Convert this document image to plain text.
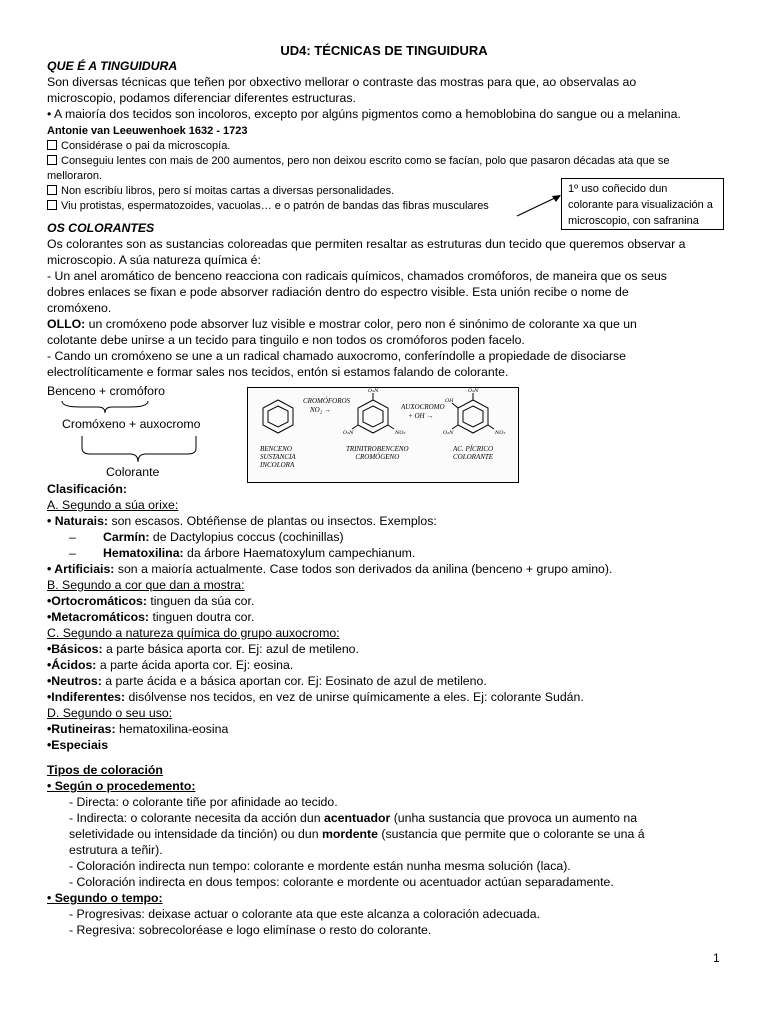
UD4: TÉCNICAS DE TINGUIDURA
QUE É A TINGUIDURA
Son diversas técnicas que teñen por obxectivo mellorar o contraste das mostras para que, ao observalas ao
microscopio, podamos diferenciar diferentes estructuras.
• A maioría dos tecidos son incoloros, excepto por algúns pigmentos como a hemoblobina do sangue ou a melanina.
Antonie van Leeuwenhoek 1632 - 1723
Considérase o pai da microscopía.
Conseguiu lentes con mais de 200 aumentos, pero non deixou escrito como se facían, polo que pasaron décadas ata que se
melloraron.
Non escribíu libros, pero sí moitas cartas a diversas personalidades.
Viu protistas, espermatozoides, vacuolas… e o patrón de bandas das fibras musculares
1º uso coñecido dun
colorante para visualización a
microscopio, con safranina
OS COLORANTES
Os colorantes son as sustancias coloreadas que permiten resaltar as estruturas dun tecido que queremos observar a
microscopio. A súa natureza química é:
- Un anel aromático de benceno reacciona con radicais químicos, chamados cromóforos, de maneira que os seus
dobres enlaces se fixan e pode absorver radiación dentro do espectro visible. Esta unión recibe o nome de
cromóxeno.
OLLO: un cromóxeno pode absorver luz visible e mostrar color, pero non é sinónimo de colorante xa que un
colotante debe unirse a un tecido para tinguilo e non todos os cromóforos poden facelo.
- Cando un cromóxeno se une a un radical chamado auxocromo, conferíndolle a propiedade de disociarse
electrolíticamente e formar sales nos tecidos, entón si estamos falando de colorante.
Benceno + cromóforo
Cromóxeno + auxocromo
Colorante
O₂N
NO₂
O₂N
O₂N
NO₂
O₂N
OH
CROMÓFOROS
NO₂ →	AUXOCROMO
+ OH →
BENCENO
SUSTANCIA
INCOLORA
TRINITROBENCENO
CROMÓGENO
AC. PÍCRICO
COLORANTE
Clasificación:
A. Segundo a súa orixe:
• Naturais: son escasos. Obtéñense de plantas ou insectos. Exemplos:
– Carmín: de Dactylopius coccus (cochinillas)
– Hematoxilina: da árbore Haematoxylum campechianum.
• Artificiais: son a maioría actualmente. Case todos son derivados da anilina (benceno + grupo amino).
B. Segundo a cor que dan a mostra:
•Ortocromáticos: tinguen da súa cor.
•Metacromáticos: tinguen doutra cor.
C. Segundo a natureza química do grupo auxocromo:
•Básicos: a parte básica aporta cor. Ej: azul de metileno.
•Ácidos: a parte ácida aporta cor. Ej: eosina.
•Neutros: a parte ácida e a básica aportan cor. Ej: Eosinato de azul de metileno.
•Indiferentes: disólvense nos tecidos, en vez de unirse químicamente a eles. Ej: colorante Sudán.
D. Segundo o seu uso:
•Rutineiras: hematoxilina-eosina
•Especiais
Tipos de coloración
• Según o procedemento:
- Directa: o colorante tiñe por afinidade ao tecido.
- Indirecta: o colorante necesita da acción dun acentuador (unha sustancia que provoca un aumento na
seletividade ou intensidade da tinción) ou dun mordente (sustancia que permite que o colorante se una á
estrutura a teñir).
- Coloración indirecta nun tempo: colorante e mordente están nunha mesma solución (laca).
- Coloración indirecta en dous tempos: colorante e mordente ou acentuador actúan separadamente.
• Segundo o tempo:
- Progresivas: deixase actuar o colorante ata que este alcanza a coloración adecuada.
- Regresiva: sobrecoloréase e logo elimínase o resto do colorante.
1
